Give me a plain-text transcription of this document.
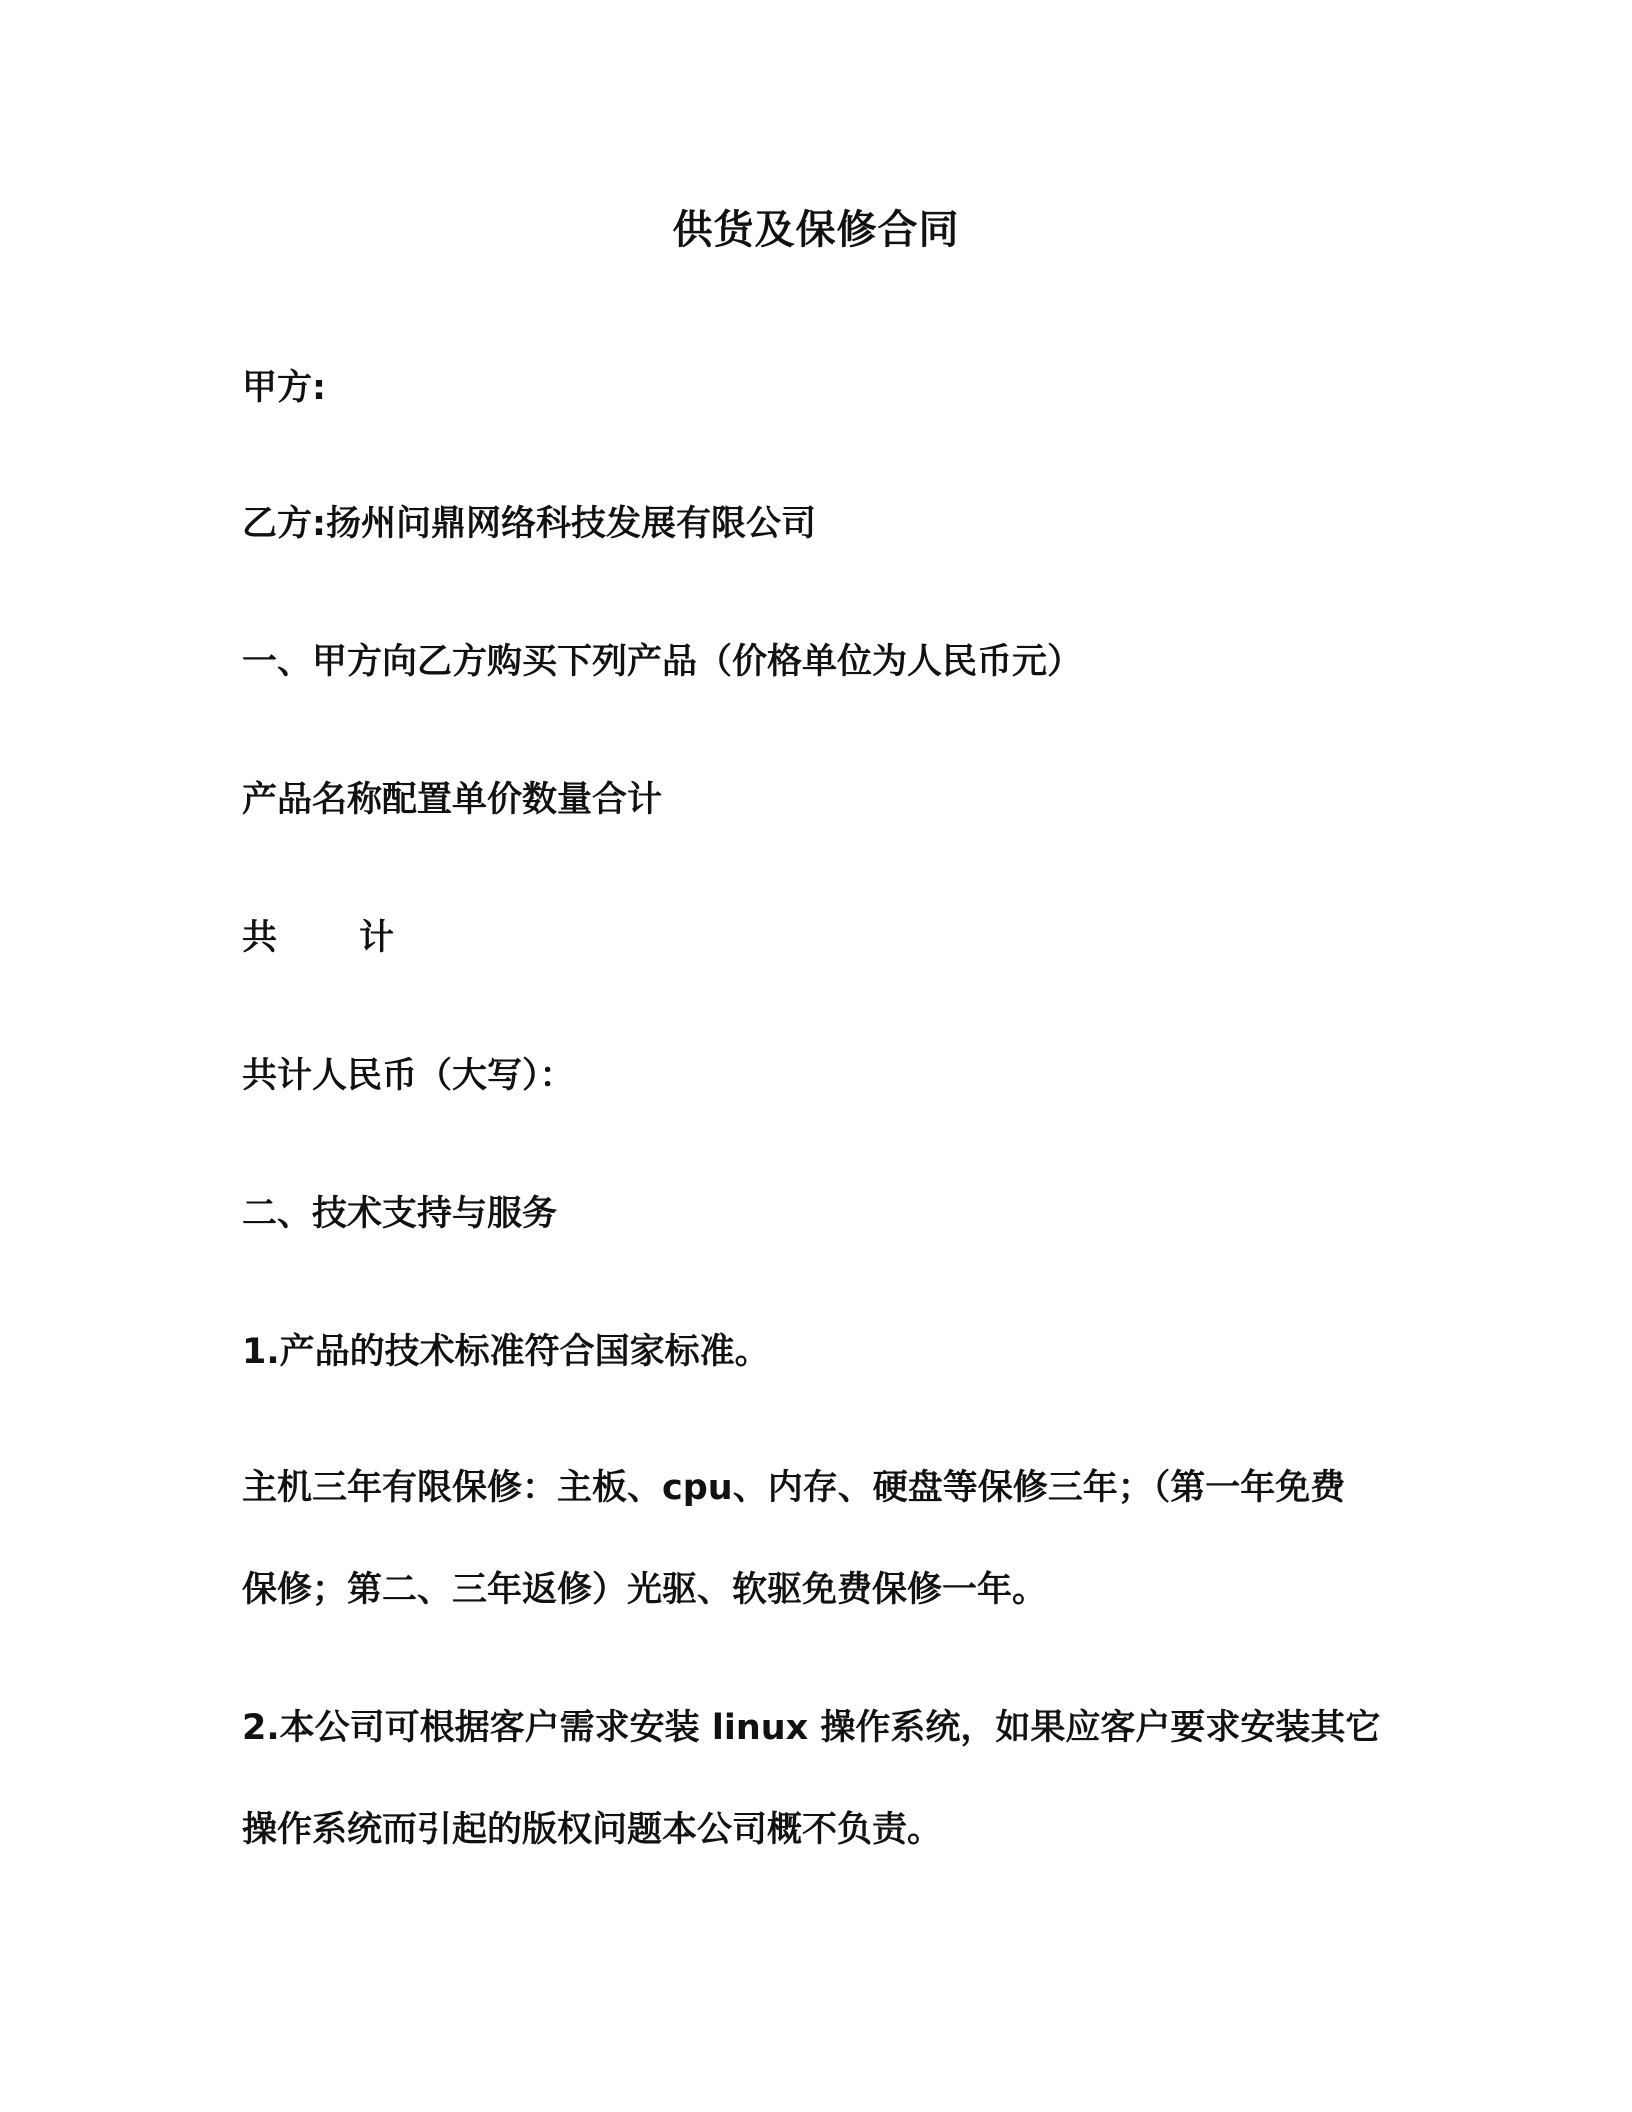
供货及保修合同
甲方:
乙方:扬州问鼎网络科技发展有限公司
一、甲方向乙方购买下列产品（价格单位为人民币元）
产品名称配置单价数量合计
共 计
共计人民币（大写）：
二、技术支持与服务
1.产品的技术标准符合国家标准。
主机三年有限保修：主板、cpu、内存、硬盘等保修三年；（第一年免费
保修；第二、三年返修）光驱、软驱免费保修一年。
2.本公司可根据客户需求安装 linux 操作系统，如果应客户要求安装其它
操作系统而引起的版权问题本公司概不负责。
